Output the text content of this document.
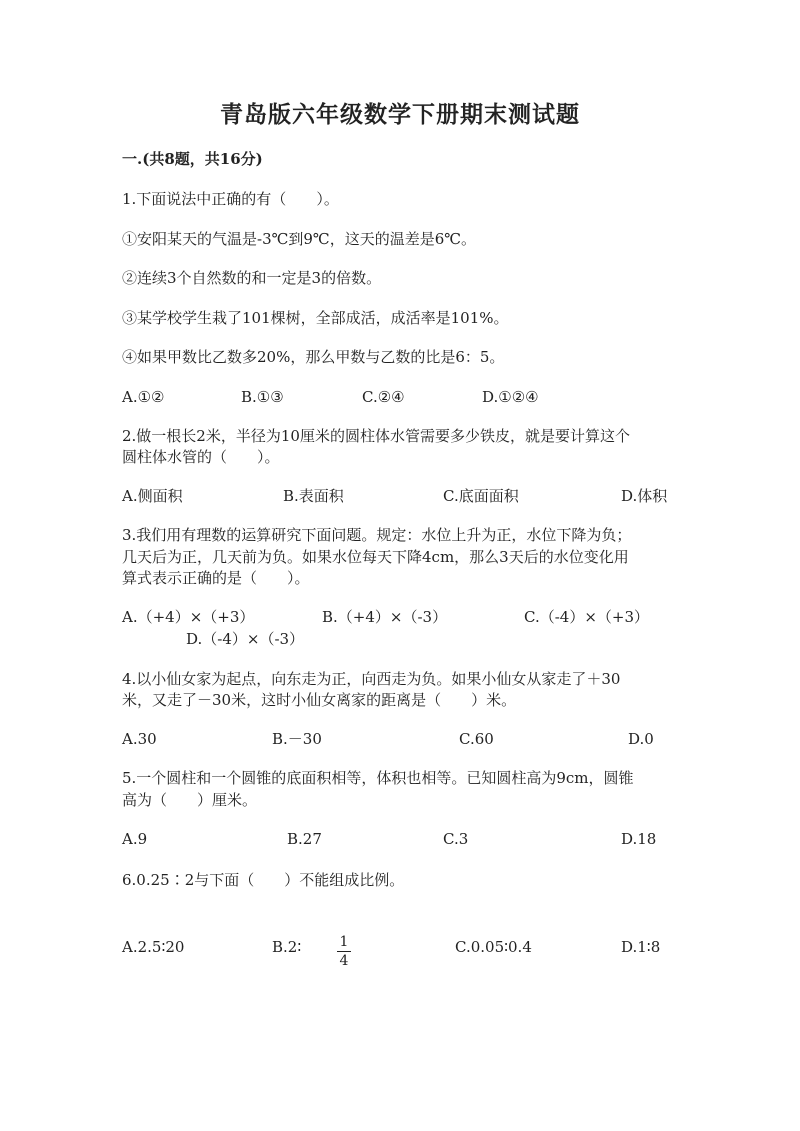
青岛版六年级数学下册期末测试题
一.(共8题，共16分)
1.下面说法中正确的有（　　）。
①安阳某天的气温是-3℃到9℃，这天的温差是6℃。
②连续3个自然数的和一定是3的倍数。
③某学校学生栽了101棵树，全部成活，成活率是101%。
④如果甲数比乙数多20%，那么甲数与乙数的比是6：5。
A.①②	B.①③	C.②④	D.①②④
2.做一根长2米，半径为10厘米的圆柱体水管需要多少铁皮，就是要计算这个
圆柱体水管的（　　）。
A.侧面积	B.表面积	C.底面面积	D.体积
3.我们用有理数的运算研究下面问题。规定：水位上升为正，水位下降为负；
几天后为正，几天前为负。如果水位每天下降4cm，那么3天后的水位变化用
算式表示正确的是（　　）。
A.（+4）×（+3）	B.（+4）×（-3）	C.（-4）×（+3）
D.（-4）×（-3）
4.以小仙女家为起点，向东走为正，向西走为负。如果小仙女从家走了＋30
米，又走了－30米，这时小仙女离家的距离是（　　）米。
A.30	B.－30	C.60	D.0
5.一个圆柱和一个圆锥的底面积相等，体积也相等。已知圆柱高为9cm，圆锥
高为（　　）厘米。
A.9	B.27	C.3	D.18
6.0.25∶2与下面（　　）不能组成比例。
A.2.5∶20	B.2∶	$\frac{1}{4}$	C.0.05∶0.4	D.1∶8
